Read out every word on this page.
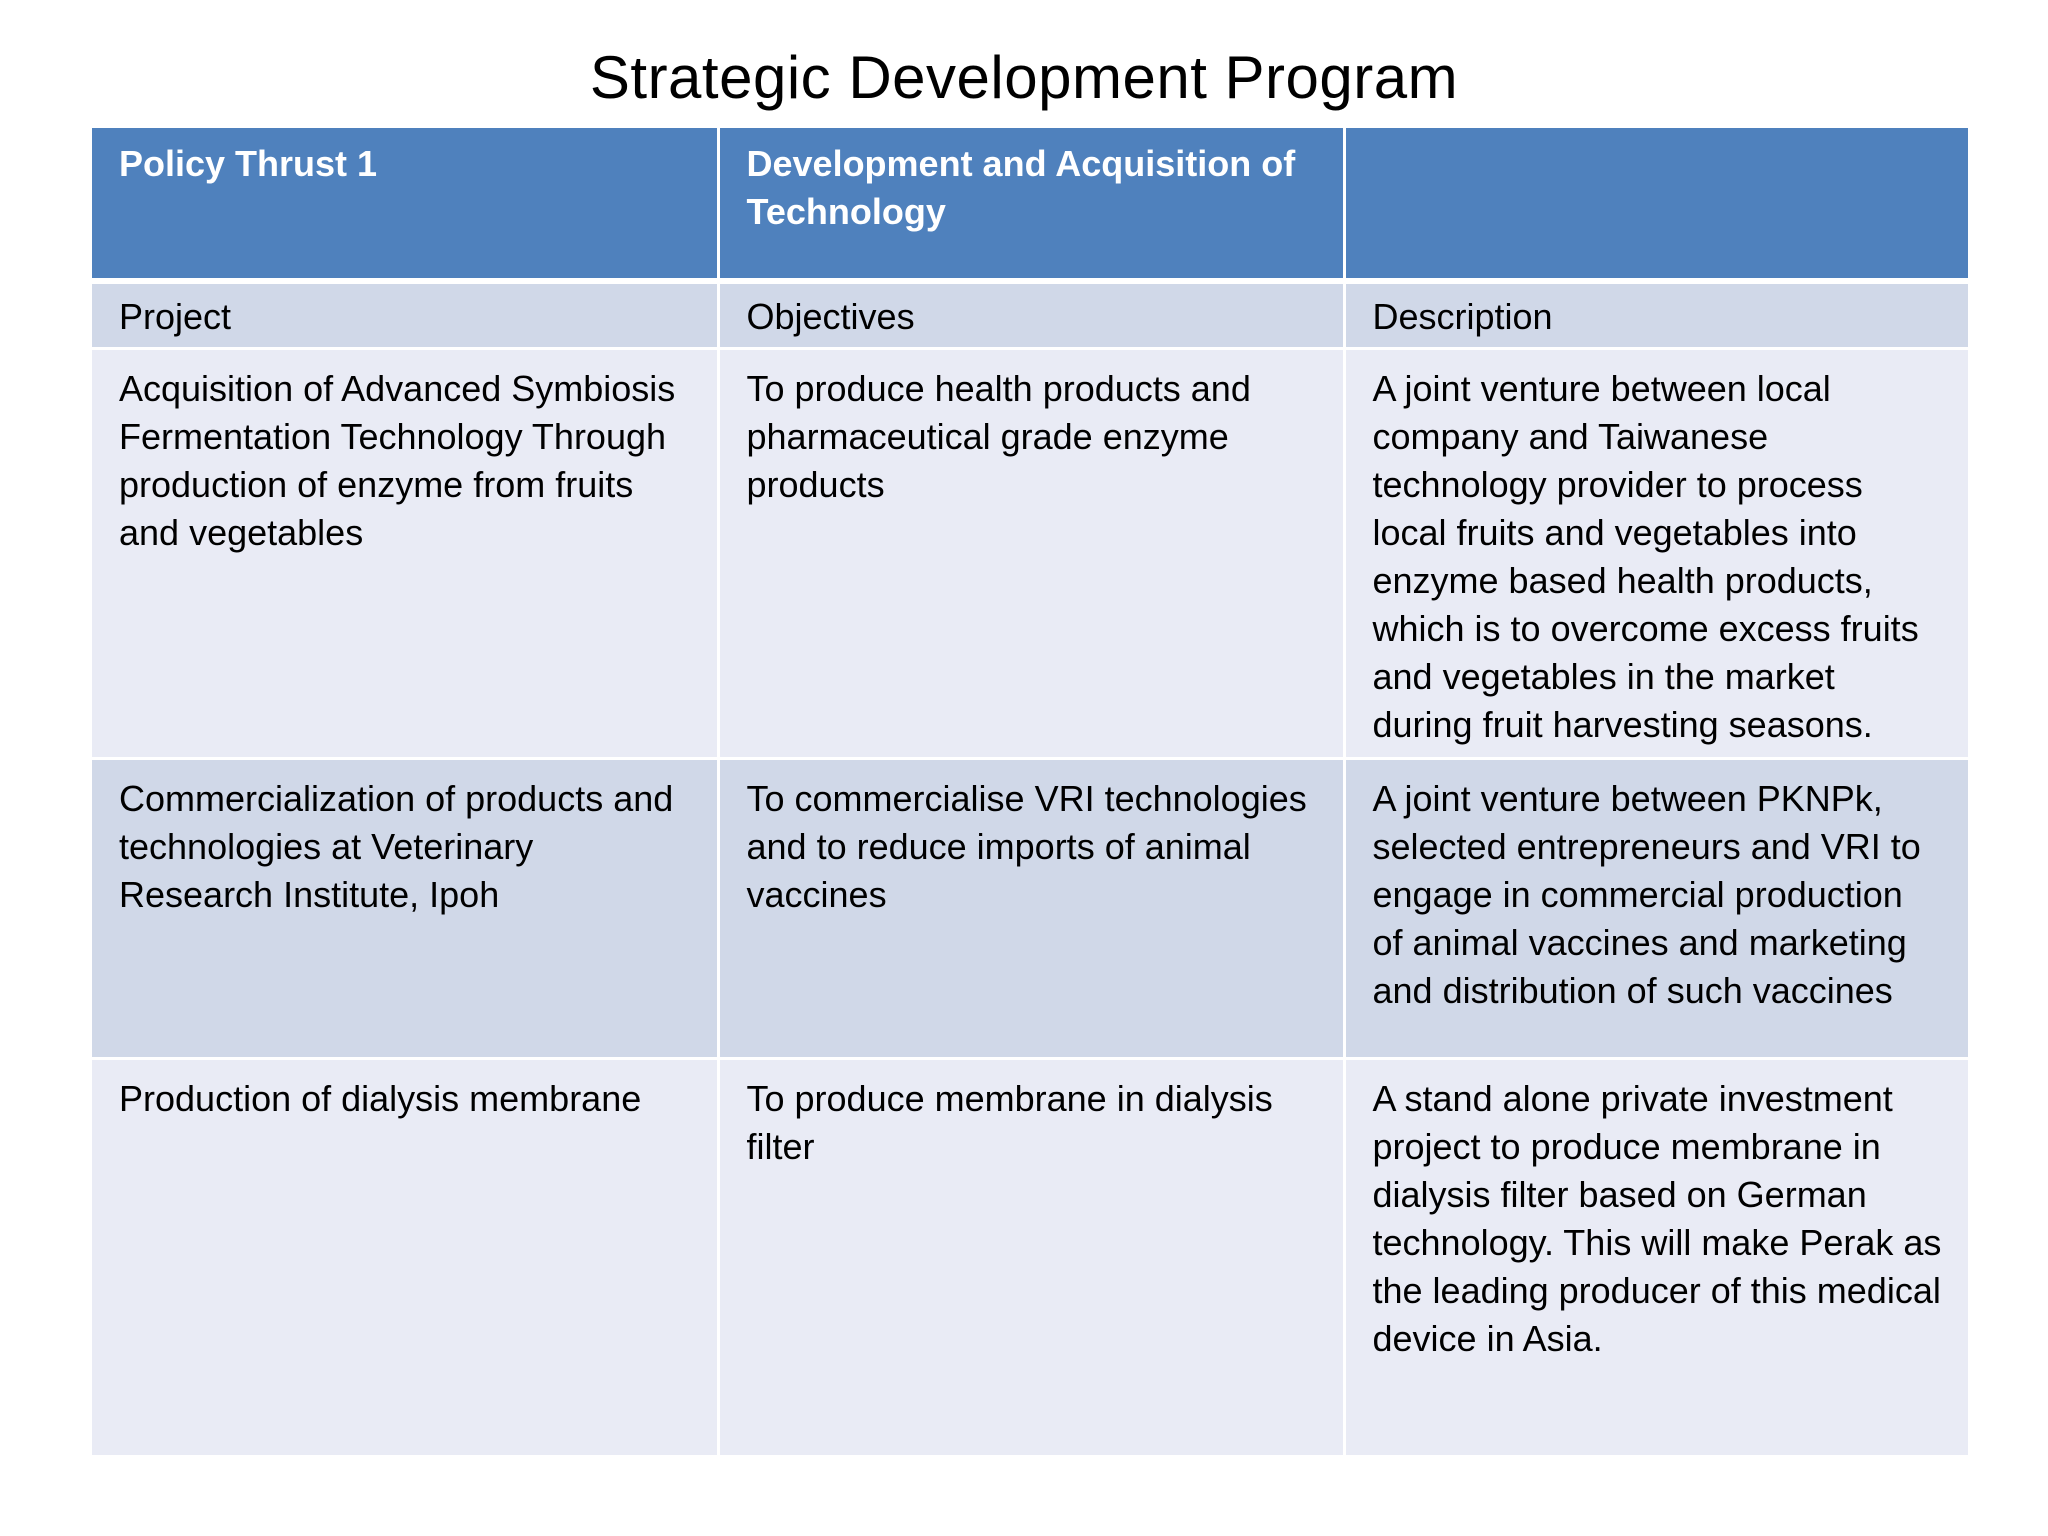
Strategic Development Program
Policy Thrust 1	Development and Acquisition of Technology	
Project	Objectives	Description
Acquisition of Advanced Symbiosis Fermentation Technology Through production of enzyme from fruits and vegetables	To produce health products and pharmaceutical grade enzyme products	A joint venture between local company and Taiwanese technology provider to process local fruits and vegetables into enzyme based health products, which is to overcome excess fruits and vegetables in the market during fruit harvesting seasons.
Commercialization of products and technologies at Veterinary Research Institute, Ipoh	To commercialise VRI technologies and to reduce imports of animal vaccines	A joint venture between PKNPk, selected entrepreneurs and VRI to engage in commercial production of animal vaccines and marketing and distribution of such vaccines
Production of dialysis membrane	To produce membrane in dialysis filter	A stand alone private investment project to produce membrane in dialysis filter based on German technology. This will make Perak as the leading producer of this medical device in Asia.
